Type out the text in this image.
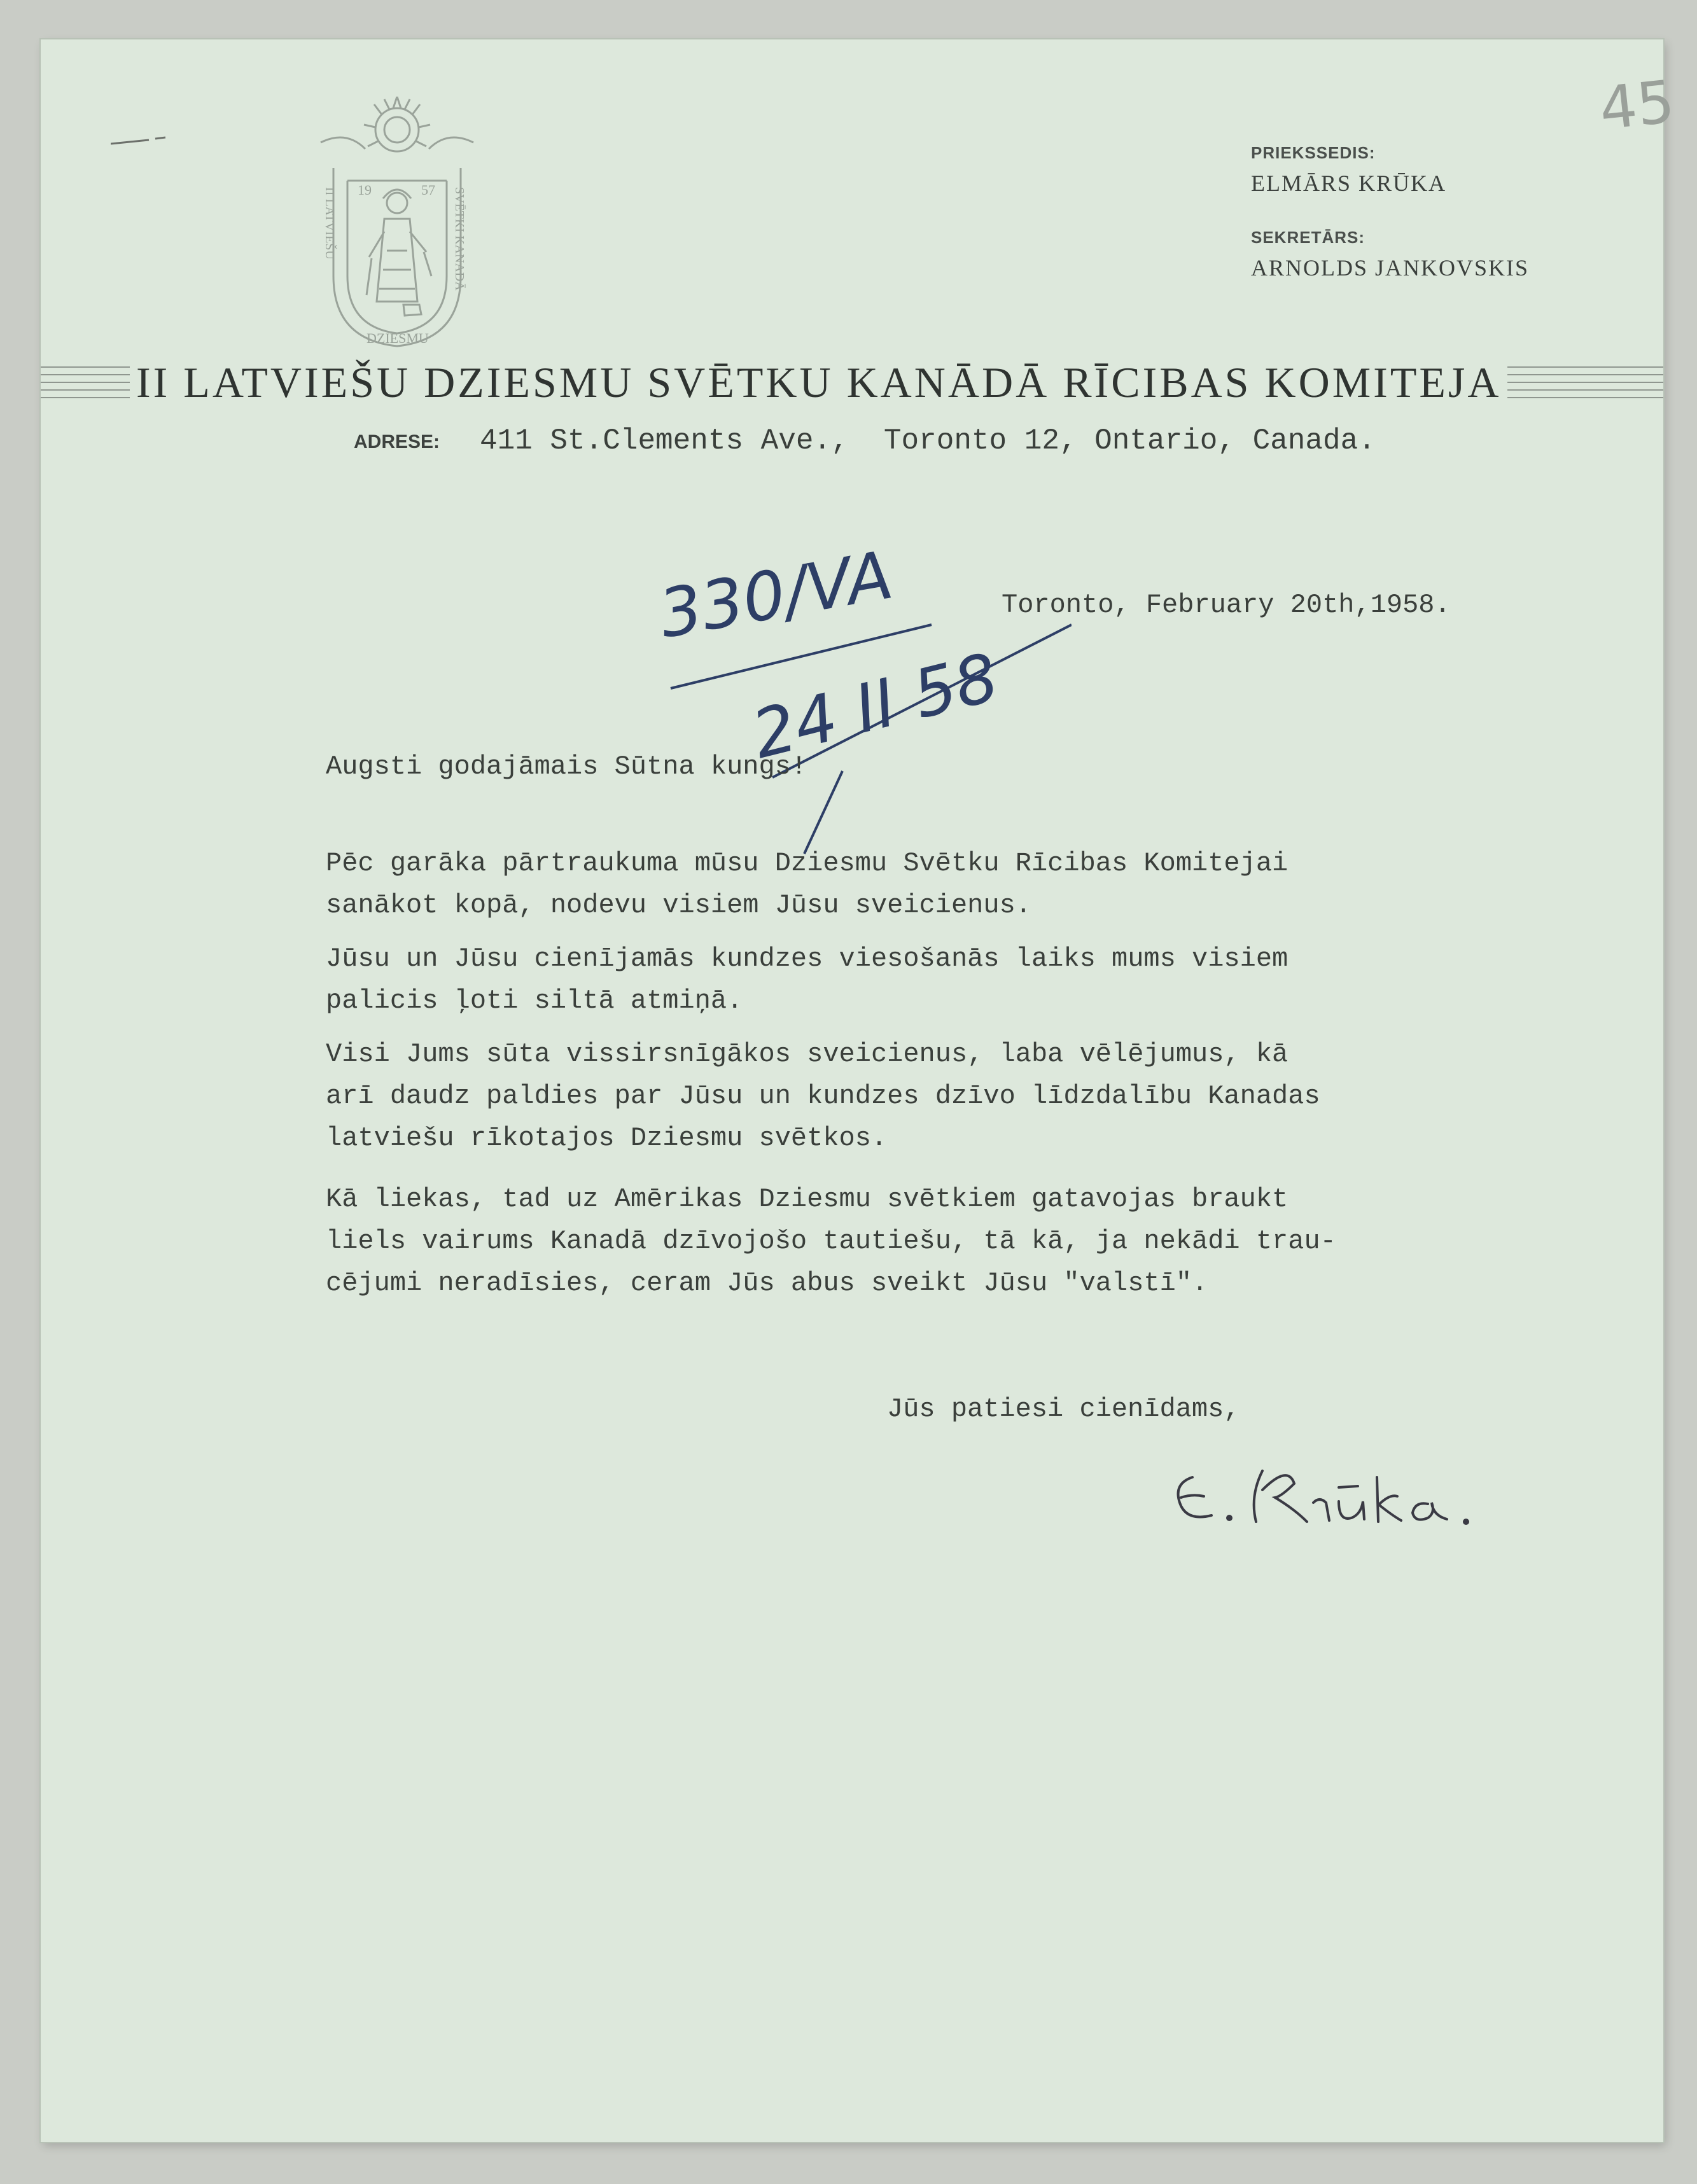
45
19	57
II LATVIEŠU	SVĒTKI KANADĀ
DZIESMU
PRIEKSSEDIS:
ELMĀRS KRŪKA
SEKRETĀRS:
ARNOLDS JANKOVSKIS
II LATVIEŠU DZIESMU SVĒTKU KANĀDĀ RĪCIBAS KOMITEJA
ADRESE: 411 St.Clements Ave.,  Toronto 12, Ontario, Canada.
330/VA
24 II 58
Toronto, February 20th,1958.
Augsti godajāmais Sūtna kungs!
Pēc garāka pārtraukuma mūsu Dziesmu Svētku Rīcibas Komitejai
sanākot kopā, nodevu visiem Jūsu sveicienus.
Jūsu un Jūsu cienījamās kundzes viesošanās laiks mums visiem
palicis ļoti siltā atmiņā.
Visi Jums sūta vissirsnīgākos sveicienus, laba vēlējumus, kā
arī daudz paldies par Jūsu un kundzes dzīvo līdzdalību Kanadas
latviešu rīkotajos Dziesmu svētkos.
Kā liekas, tad uz Amērikas Dziesmu svētkiem gatavojas braukt
liels vairums Kanadā dzīvojošo tautiešu, tā kā, ja nekādi trau-
cējumi neradīsies, ceram Jūs abus sveikt Jūsu "valstī".
Jūs patiesi cienīdams,
